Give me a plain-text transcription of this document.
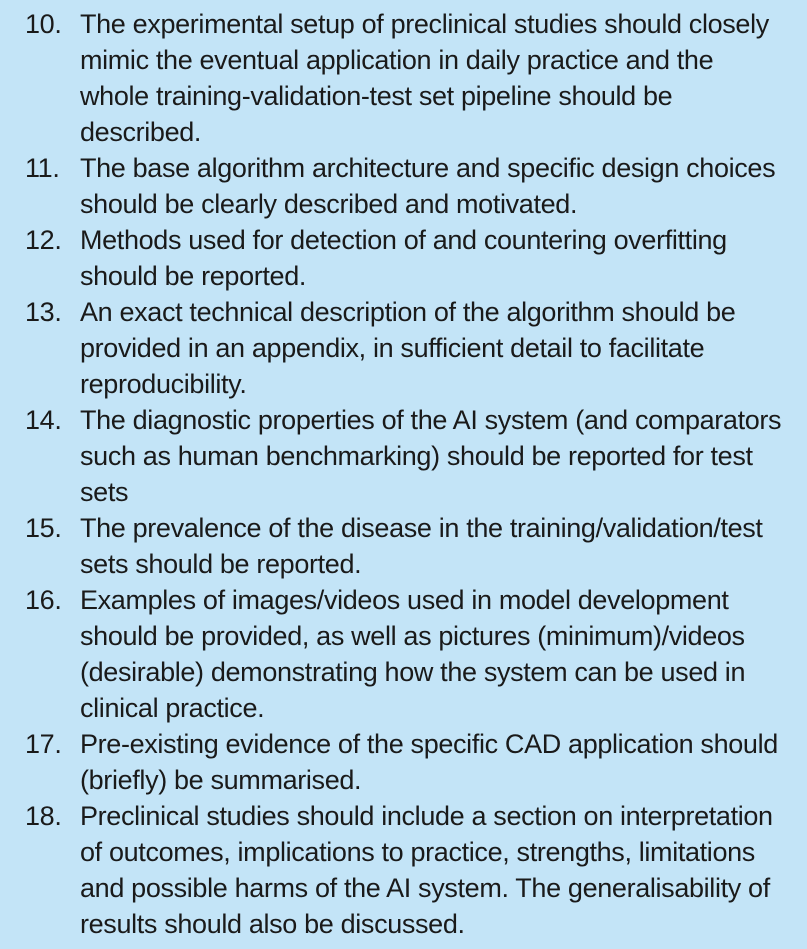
10. The experimental setup of preclinical studies should closely mimic the eventual application in daily practice and the whole training-validation-test set pipeline should be described.
11. The base algorithm architecture and specific design choices should be clearly described and motivated.
12. Methods used for detection of and countering overfitting should be reported.
13. An exact technical description of the algorithm should be provided in an appendix, in sufficient detail to facilitate reproducibility.
14. The diagnostic properties of the AI system (and comparators such as human benchmarking) should be reported for test sets
15. The prevalence of the disease in the training/validation/test sets should be reported.
16. Examples of images/videos used in model development should be provided, as well as pictures (minimum)/videos (desirable) demonstrating how the system can be used in clinical practice.
17. Pre-existing evidence of the specific CAD application should (briefly) be summarised.
18. Preclinical studies should include a section on interpretation of outcomes, implications to practice, strengths, limitations and possible harms of the AI system. The generalisability of results should also be discussed.
